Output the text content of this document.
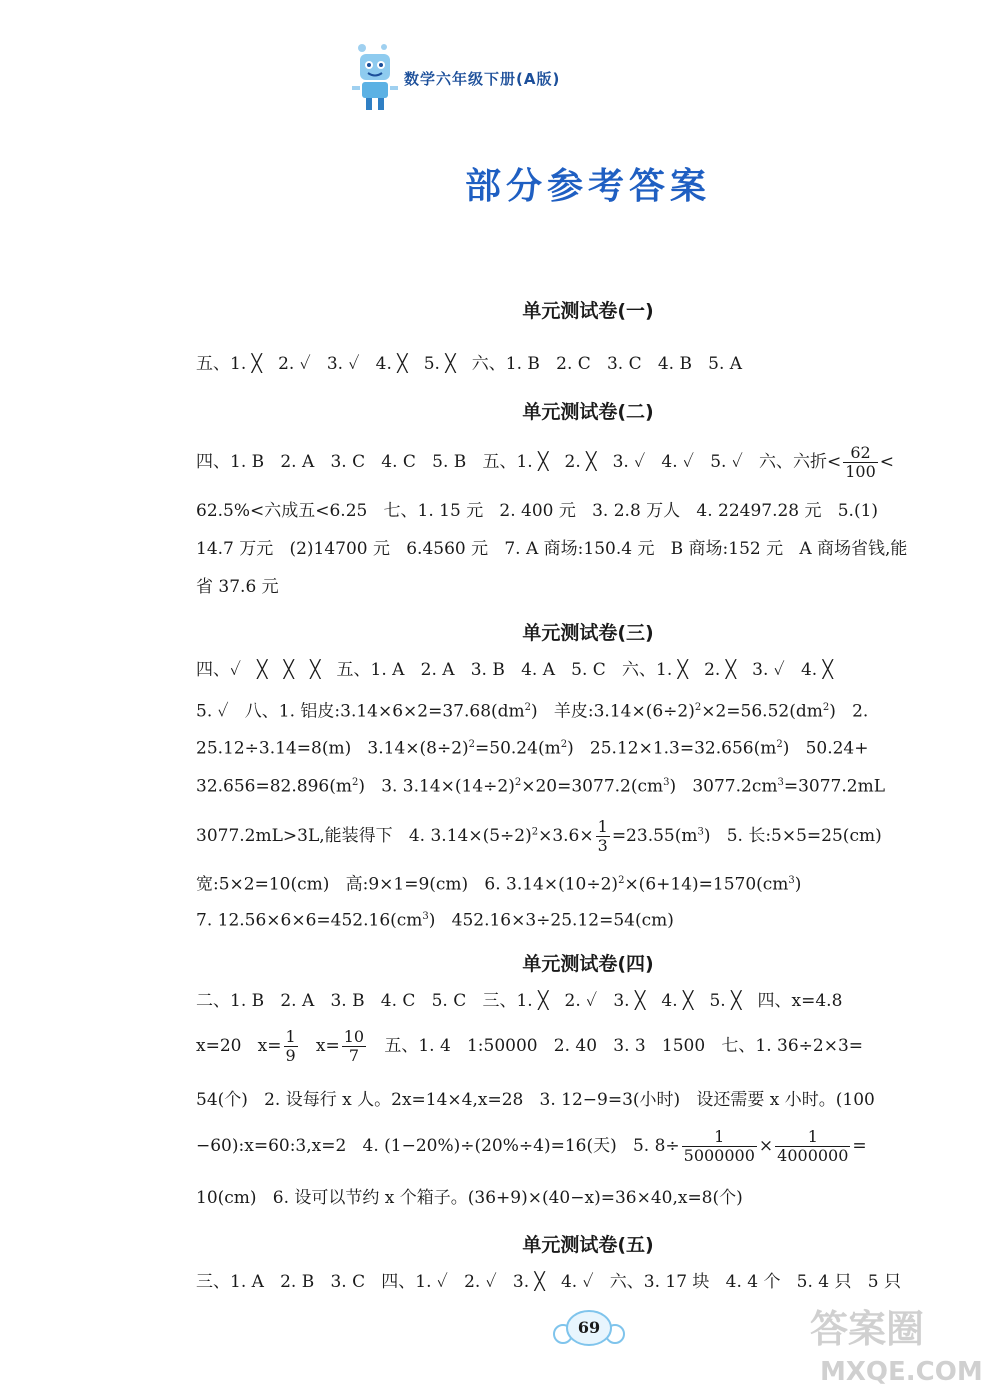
数学六年级下册(A版)
部分参考答案
单元测试卷(一)
五、1. ╳   2. ✓   3. ✓   4. ╳   5. ╳   六、1. B   2. C   3. C   4. B   5. A
单元测试卷(二)
四、1. B   2. A   3. C   4. C   5. B   五、1. ╳   2. ╳   3. ✓   4. ✓   5. ✓   六、六折< $\frac{62}{100}$ <
62.5%<六成五<6.25   七、1. 15 元   2. 400 元   3. 2.8 万人   4. 22497.28 元   5.(1)
14.7 万元   (2)14700 元   6.4560 元   7. A 商场:150.4 元   B 商场:152 元   A 商场省钱,能
省 37.6 元
单元测试卷(三)
四、✓   ╳   ╳   ╳   五、1. A   2. A   3. B   4. A   5. C   六、1. ╳   2. ╳   3. ✓   4. ╳
5. ✓   八、1. 铝皮$:3.14\times 6\times 2=37.68(dm^2)$   羊皮$:3.14\times(6\div 2)^2\times 2=56.52(dm^2)$   2.
25.12÷3.14=8(m)   $3.14\times(8\div 2)^2=50.24(m^2)$   $25.12\times 1.3=32.656(m^2)$   50.24+
$32.656=82.896(m^2)$   3. $3.14\times(14\div 2)^2\times 20=3077.2(cm^3)$   $3077.2cm^3=3077.2mL$
3077.2mL>3L,能装得下   4. $3.14\times(5\div 2)^2\times 3.6\times \frac{1}{3} =23.55(m^3)$   5. 长:5×5=25(cm)
宽:5×2=10(cm)   高:9×1=9(cm)   6. $3.14\times(10\div 2)^2\times(6+14)=1570(cm^3)$
7. $12.56\times 6\times 6=452.16(cm^3)$   452.16×3÷25.12=54(cm)
单元测试卷(四)
二、1. B   2. A   3. B   4. C   5. C   三、1. ╳   2. ✓   3. ╳   4. ╳   5. ╳   四、x=4.8
x=20   $x= \frac{1}{9} x= \frac{10}{7}$ 五、1. 4   1:50000   2. 40   3. 3   1500   七、1. 36÷2×3=
54(个)   2. 设每行 x 人。2x=14×4,x=28   3. 12−9=3(小时)   设还需要 x 小时。(100
−60):x=60:3,x=2   4. (1−20%)÷(20%÷4)=16(天)   5. $8\div \frac{1}{5000000} \times \frac{1}{4000000}$ =
10(cm)   6. 设可以节约 x 个箱子。(36+9)×(40−x)=36×40,x=8(个)
单元测试卷(五)
三、1. A   2. B   3. C   四、1. ✓   2. ✓   3. ╳   4. ✓   六、3. 17 块   4. 4 个   5. 4 只   5 只
69	答案圈
MXQE.COM
